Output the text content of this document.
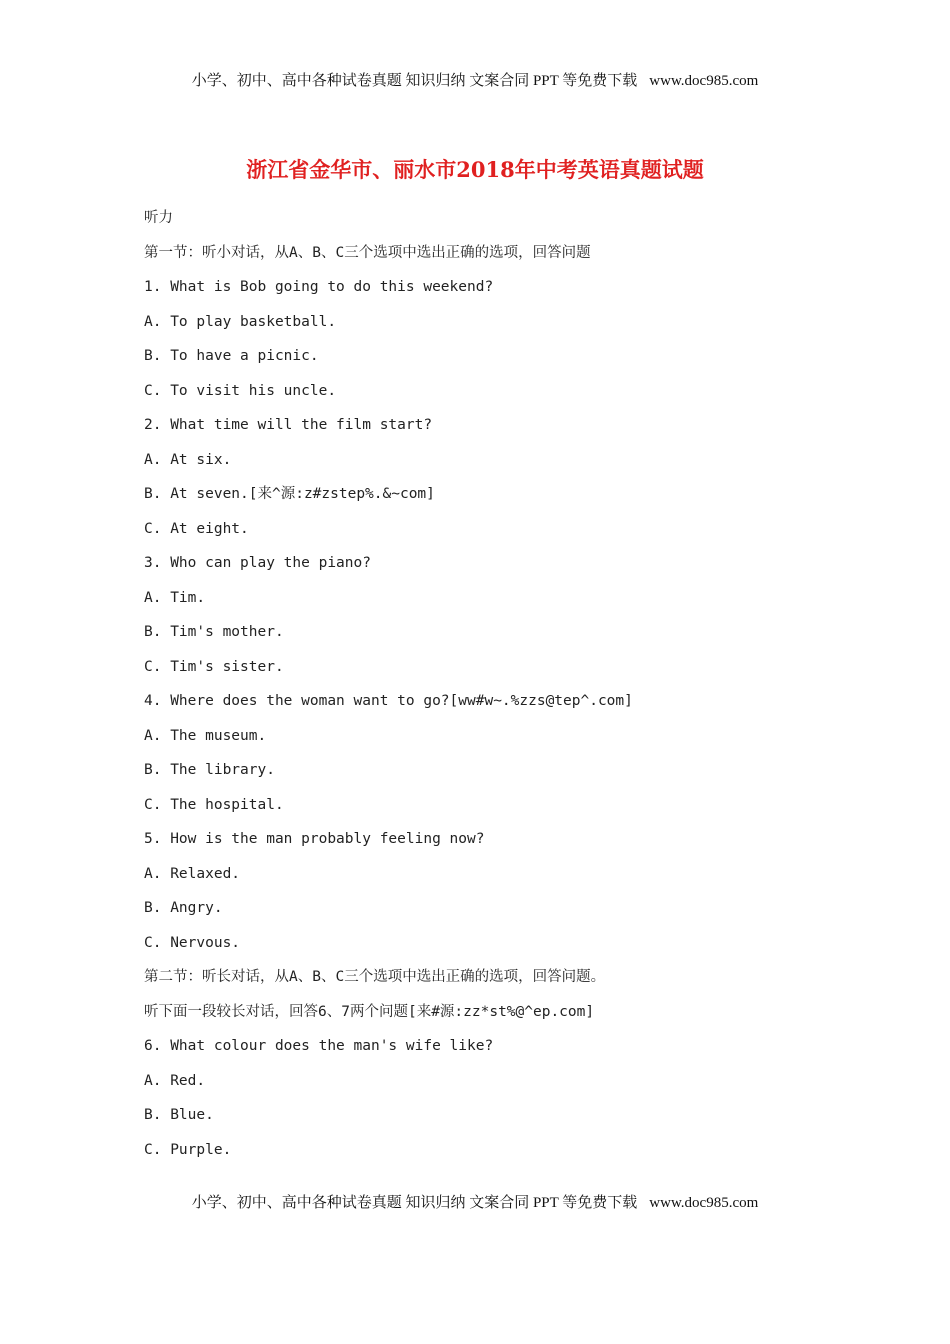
小学、初中、高中各种试卷真题 知识归纳 文案合同 PPT 等免费下载 www.doc985.com
浙江省金华市、丽水市2018年中考英语真题试题
听力
第一节：听小对话，从A、B、C三个选项中选出正确的选项，回答问题
1. What is Bob going to do this weekend?
A. To play basketball.
B. To have a picnic.
C. To visit his uncle.
2. What time will the film start?
A. At six.
B. At seven.[来^源:z#zstep%.&~com]
C. At eight.
3. Who can play the piano?
A. Tim.
B. Tim's mother.
C. Tim's sister.
4. Where does the woman want to go?[ww#w~.%zzs@tep^.com]
A. The museum.
B. The library.
C. The hospital.
5. How is the man probably feeling now?
A. Relaxed.
B. Angry.
C. Nervous.
第二节：听长对话，从A、B、C三个选项中选出正确的选项，回答问题。
听下面一段较长对话，回答6、7两个问题[来#源:zz*st%@^ep.com]
6. What colour does the man's wife like?
A. Red.
B. Blue.
C. Purple.
小学、初中、高中各种试卷真题 知识归纳 文案合同 PPT 等免费下载 www.doc985.com
